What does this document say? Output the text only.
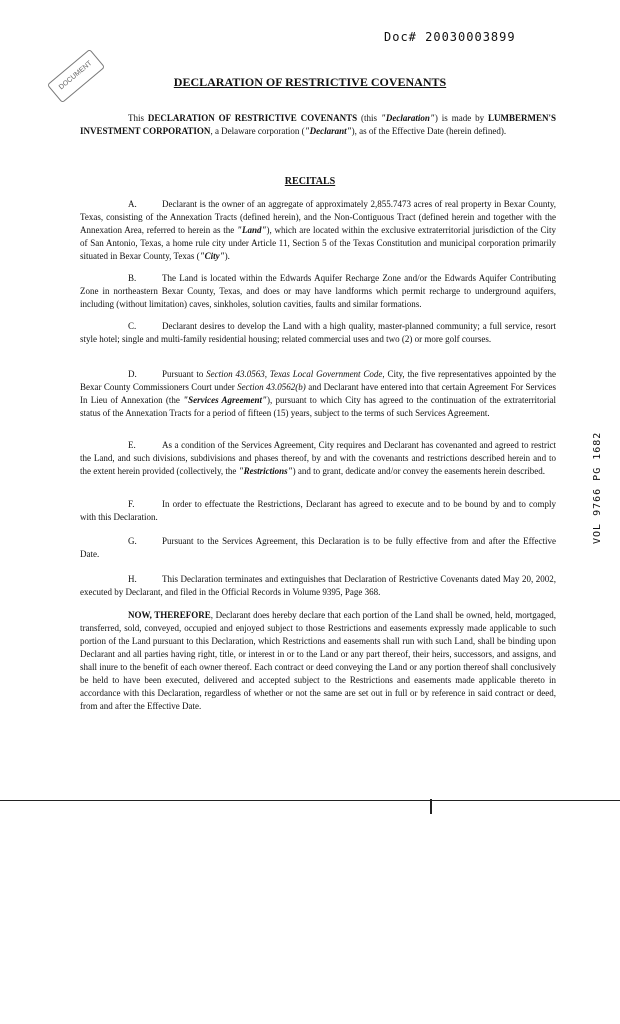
Doc# 20030003899
DOCUMENT	DECLARATION OF RESTRICTIVE COVENANTS
This DECLARATION OF RESTRICTIVE COVENANTS (this "Declaration") is made by LUMBERMEN'S INVESTMENT CORPORATION, a Delaware corporation ("Declarant"), as of the Effective Date (herein defined).
RECITALS
A.	Declarant is the owner of an aggregate of approximately 2,855.7473 acres of real property in Bexar County, Texas, consisting of the Annexation Tracts (defined herein), and the Non-Contiguous Tract (defined herein and together with the Annexation Area, referred to herein as the "Land"), which are located within the exclusive extraterritorial jurisdiction of the City of San Antonio, Texas, a home rule city under Article 11, Section 5 of the Texas Constitution and municipal corporation primarily situated in Bexar County, Texas ("City").
B.	The Land is located within the Edwards Aquifer Recharge Zone and/or the Edwards Aquifer Contributing Zone in northeastern Bexar County, Texas, and does or may have landforms which permit recharge to underground aquifers, including (without limitation) caves, sinkholes, solution cavities, faults and similar formations.
C.	Declarant desires to develop the Land with a high quality, master-planned community; a full service, resort style hotel; single and multi-family residential housing; related commercial uses and two (2) or more golf courses.
D.	Pursuant to Section 43.0563, Texas Local Government Code, City, the five representatives appointed by the Bexar County Commissioners Court under Section 43.0562(b) and Declarant have entered into that certain Agreement For Services In Lieu of Annexation (the "Services Agreement"), pursuant to which City has agreed to the continuation of the extraterritorial status of the Annexation Tracts for a period of fifteen (15) years, subject to the terms of such Services Agreement.
E.	As a condition of the Services Agreement, City requires and Declarant has covenanted and agreed to restrict the Land, and such divisions, subdivisions and phases thereof, by and with the covenants and restrictions described herein and to the extent herein provided (collectively, the "Restrictions") and to grant, dedicate and/or convey the easements herein described.
F.	In order to effectuate the Restrictions, Declarant has agreed to execute and to be bound by and to comply with this Declaration.
G.	Pursuant to the Services Agreement, this Declaration is to be fully effective from and after the Effective Date.
H.	This Declaration terminates and extinguishes that Declaration of Restrictive Covenants dated May 20, 2002, executed by Declarant, and filed in the Official Records in Volume 9395, Page 368.
NOW, THEREFORE, Declarant does hereby declare that each portion of the Land shall be owned, held, mortgaged, transferred, sold, conveyed, occupied and enjoyed subject to those Restrictions and easements expressly made applicable to such portion of the Land pursuant to this Declaration, which Restrictions and easements shall run with such Land, shall be binding upon Declarant and all parties having right, title, or interest in or to the Land or any part thereof, their heirs, successors, and assigns, and shall inure to the benefit of each owner thereof. Each contract or deed conveying the Land or any portion thereof shall conclusively be held to have been executed, delivered and accepted subject to the Restrictions and easements made applicable thereto in accordance with this Declaration, regardless of whether or not the same are set out in full or by reference in said contract or deed, from and after the Effective Date.
VOL 9766 PG 1682
